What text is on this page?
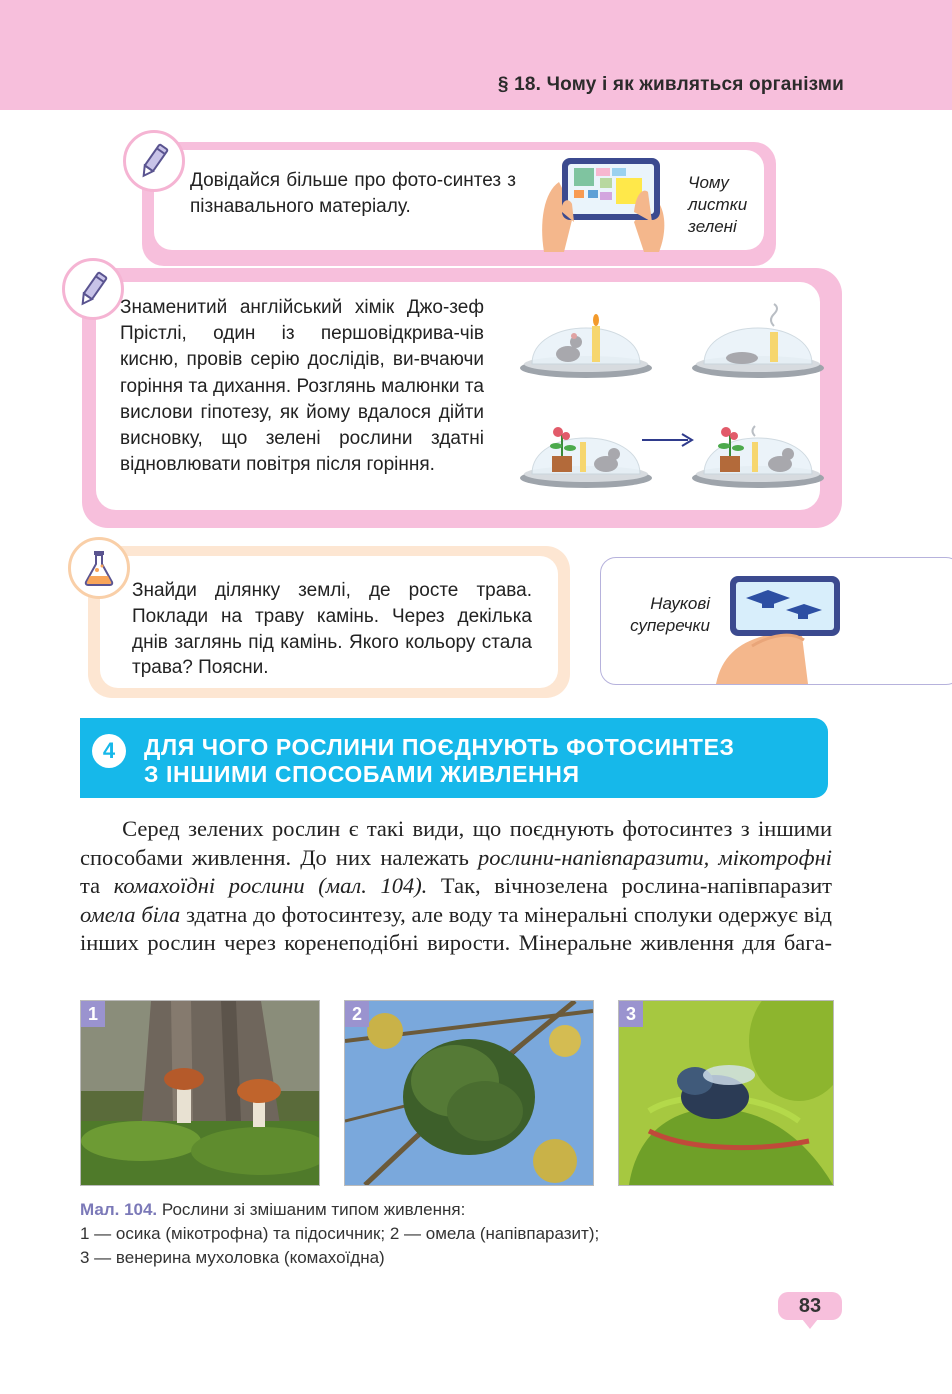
§ 18. Чому і як живляться організми
Довідайся більше про фото-синтез з пізнавального матеріалу.
Чому
листки
зелені
Знаменитий англійський хімік Джо-зеф Прістлі, один із першовідкрива-чів кисню, провів серію дослідів, ви-вчаючи горіння та дихання. Розглянь малюнки та вислови гіпотезу, як йому вдалося дійти висновку, що зелені рослини здатні відновлювати повітря після горіння.
Знайди ділянку землі, де росте трава. Поклади на траву камінь. Через декілька днів заглянь під камінь. Якого кольору стала трава? Поясни.
Наукові
суперечки
4	ДЛЯ ЧОГО РОСЛИНИ ПОЄДНУЮТЬ ФОТОСИНТЕЗ
З ІНШИМИ СПОСОБАМИ ЖИВЛЕННЯ
Серед зелених рослин є такі види, що поєднують фотосинтез з іншими способами живлення. До них належать рослини-напівпаразити, мікотрофні та комахоїдні рослини (мал. 104). Так, вічнозелена рослина-напівпаразит омела біла здатна до фотосинтезу, але воду та мінеральні сполуки одержує від інших рослин через коренеподібні вирости. Мінеральне живлення для бага-
1	2	3
Мал. 104. Рослини зі змішаним типом живлення:
1 — осика (мікотрофна) та підосичник; 2 — омела (напівпаразит);
3 — венерина мухоловка (комахоїдна)
83
